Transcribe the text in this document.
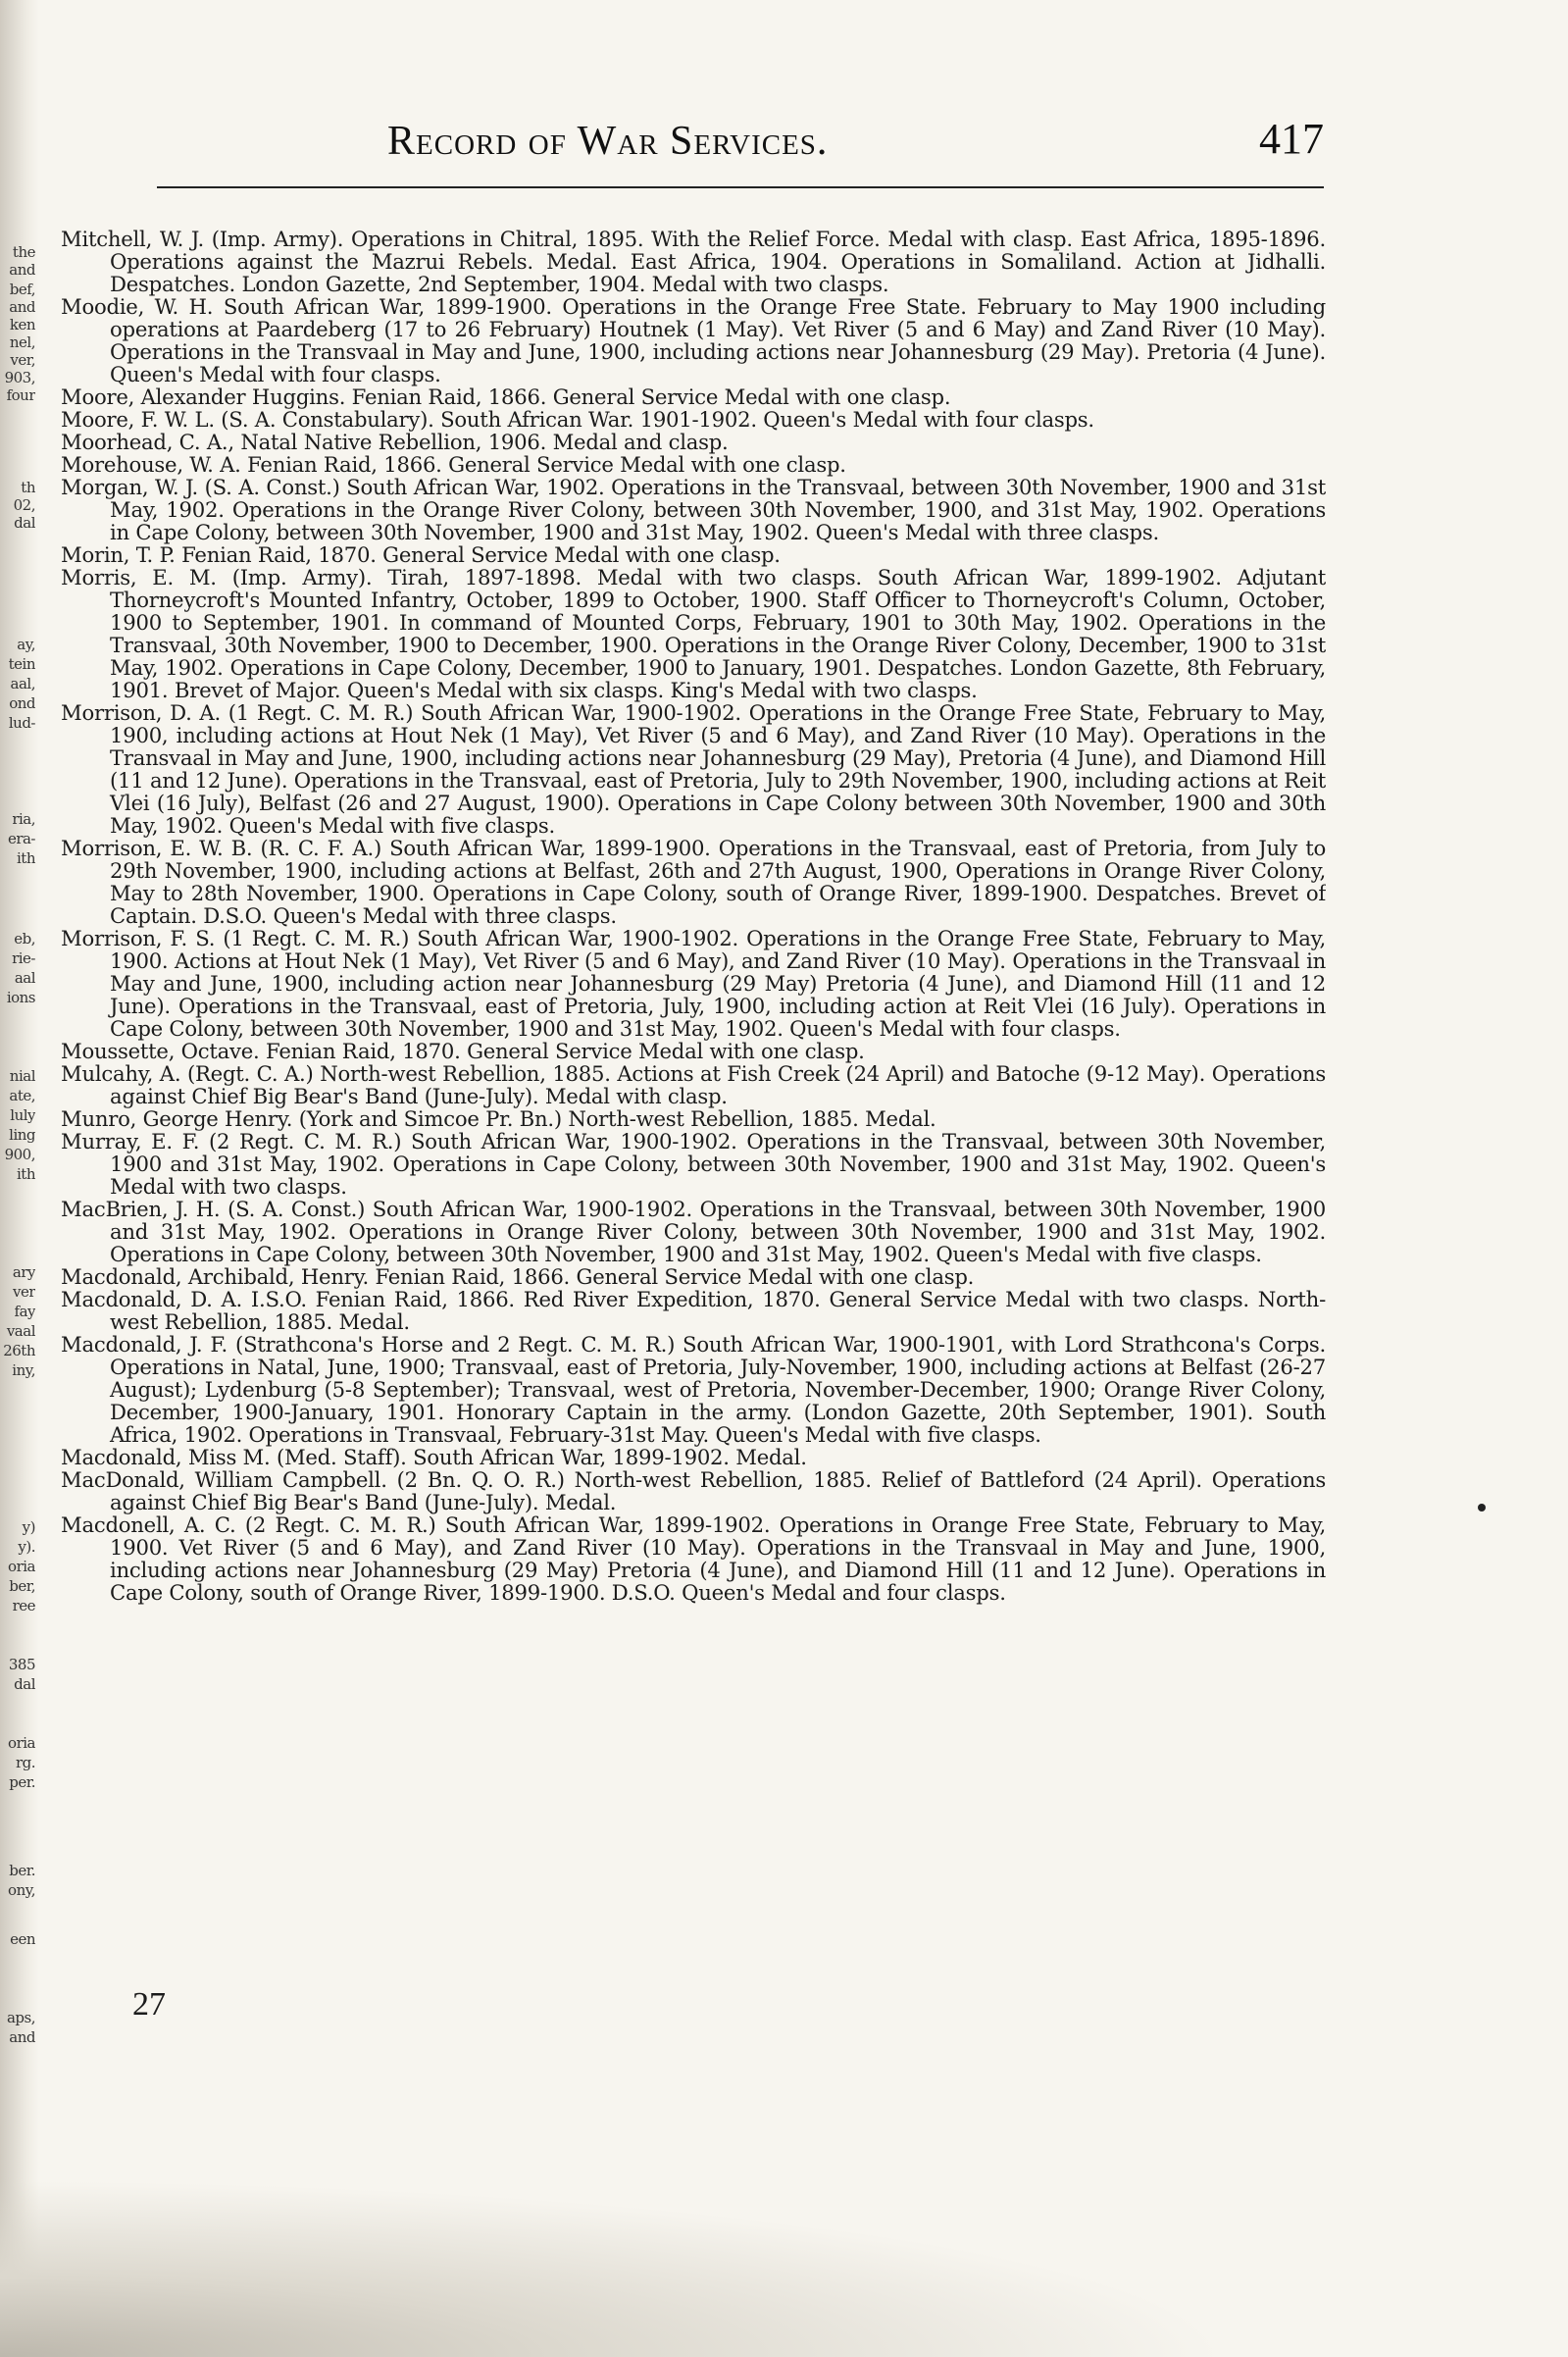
the
and
bef,
and
ken
nel,
ver,
903,
four
th
02,
dal
ay,
tein
aal,
ond
lud-
ria,
era-
ith
eb,
rie-
aal
ions
nial
ate,
luly
ling
900,
ith
ary
ver
fay
vaal
26th
iny,
y)
y).
oria
ber,
ree
385
dal
oria
rg.
per.
ber.
ony,
een
aps,
and
Record of War Services.	417

Mitchell, W. J. (Imp. Army). Operations in Chitral, 1895. With the Relief Force. Medal with clasp. East Africa, 1895-1896. Operations against the Mazrui Rebels. Medal. East Africa, 1904. Operations in Somaliland. Action at Jidhalli. Despatches. London Gazette, 2nd September, 1904. Medal with two clasps.

Moodie, W. H. South African War, 1899-1900. Operations in the Orange Free State. February to May 1900 including operations at Paardeberg (17 to 26 February) Houtnek (1 May). Vet River (5 and 6 May) and Zand River (10 May). Operations in the Transvaal in May and June, 1900, including actions near Johannesburg (29 May). Pretoria (4 June). Queen's Medal with four clasps.

Moore, Alexander Huggins. Fenian Raid, 1866. General Service Medal with one clasp.

Moore, F. W. L. (S. A. Constabulary). South African War. 1901-1902. Queen's Medal with four clasps.

Moorhead, C. A., Natal Native Rebellion, 1906. Medal and clasp.

Morehouse, W. A. Fenian Raid, 1866. General Service Medal with one clasp.

Morgan, W. J. (S. A. Const.) South African War, 1902. Operations in the Transvaal, between 30th November, 1900 and 31st May, 1902. Operations in the Orange River Colony, between 30th November, 1900, and 31st May, 1902. Operations in Cape Colony, between 30th November, 1900 and 31st May, 1902. Queen's Medal with three clasps.

Morin, T. P. Fenian Raid, 1870. General Service Medal with one clasp.

Morris, E. M. (Imp. Army). Tirah, 1897-1898. Medal with two clasps. South African War, 1899-1902. Adjutant Thorneycroft's Mounted Infantry, October, 1899 to October, 1900. Staff Officer to Thorneycroft's Column, October, 1900 to September, 1901. In command of Mounted Corps, February, 1901 to 30th May, 1902. Operations in the Transvaal, 30th November, 1900 to December, 1900. Operations in the Orange River Colony, December, 1900 to 31st May, 1902. Operations in Cape Colony, December, 1900 to January, 1901. Despatches. London Gazette, 8th February, 1901. Brevet of Major. Queen's Medal with six clasps. King's Medal with two clasps.

Morrison, D. A. (1 Regt. C. M. R.) South African War, 1900-1902. Operations in the Orange Free State, February to May, 1900, including actions at Hout Nek (1 May), Vet River (5 and 6 May), and Zand River (10 May). Operations in the Transvaal in May and June, 1900, including actions near Johannesburg (29 May), Pretoria (4 June), and Diamond Hill (11 and 12 June). Operations in the Transvaal, east of Pretoria, July to 29th November, 1900, including actions at Reit Vlei (16 July), Belfast (26 and 27 August, 1900). Operations in Cape Colony between 30th November, 1900 and 30th May, 1902. Queen's Medal with five clasps.

Morrison, E. W. B. (R. C. F. A.) South African War, 1899-1900. Operations in the Transvaal, east of Pretoria, from July to 29th November, 1900, including actions at Belfast, 26th and 27th August, 1900, Operations in Orange River Colony, May to 28th November, 1900. Operations in Cape Colony, south of Orange River, 1899-1900. Despatches. Brevet of Captain. D.S.O. Queen's Medal with three clasps.

Morrison, F. S. (1 Regt. C. M. R.) South African War, 1900-1902. Operations in the Orange Free State, February to May, 1900. Actions at Hout Nek (1 May), Vet River (5 and 6 May), and Zand River (10 May). Operations in the Transvaal in May and June, 1900, including action near Johannesburg (29 May) Pretoria (4 June), and Diamond Hill (11 and 12 June). Operations in the Transvaal, east of Pretoria, July, 1900, including action at Reit Vlei (16 July). Operations in Cape Colony, between 30th November, 1900 and 31st May, 1902. Queen's Medal with four clasps.

Moussette, Octave. Fenian Raid, 1870. General Service Medal with one clasp.

Mulcahy, A. (Regt. C. A.) North-west Rebellion, 1885. Actions at Fish Creek (24 April) and Batoche (9-12 May). Operations against Chief Big Bear's Band (June-July). Medal with clasp.

Munro, George Henry. (York and Simcoe Pr. Bn.) North-west Rebellion, 1885. Medal.

Murray, E. F. (2 Regt. C. M. R.) South African War, 1900-1902. Operations in the Transvaal, between 30th November, 1900 and 31st May, 1902. Operations in Cape Colony, between 30th November, 1900 and 31st May, 1902. Queen's Medal with two clasps.

MacBrien, J. H. (S. A. Const.) South African War, 1900-1902. Operations in the Transvaal, between 30th November, 1900 and 31st May, 1902. Operations in Orange River Colony, between 30th November, 1900 and 31st May, 1902. Operations in Cape Colony, between 30th November, 1900 and 31st May, 1902. Queen's Medal with five clasps.

Macdonald, Archibald, Henry. Fenian Raid, 1866. General Service Medal with one clasp.

Macdonald, D. A. I.S.O. Fenian Raid, 1866. Red River Expedition, 1870. General Service Medal with two clasps. North-west Rebellion, 1885. Medal.

Macdonald, J. F. (Strathcona's Horse and 2 Regt. C. M. R.) South African War, 1900-1901, with Lord Strathcona's Corps. Operations in Natal, June, 1900; Transvaal, east of Pretoria, July-November, 1900, including actions at Belfast (26-27 August); Lydenburg (5-8 September); Transvaal, west of Pretoria, November-December, 1900; Orange River Colony, December, 1900-January, 1901. Honorary Captain in the army. (London Gazette, 20th September, 1901). South Africa, 1902. Operations in Transvaal, February-31st May. Queen's Medal with five clasps.

Macdonald, Miss M. (Med. Staff). South African War, 1899-1902. Medal.

MacDonald, William Campbell. (2 Bn. Q. O. R.) North-west Rebellion, 1885. Relief of Battleford (24 April). Operations against Chief Big Bear's Band (June-July). Medal.

Macdonell, A. C. (2 Regt. C. M. R.) South African War, 1899-1902. Operations in Orange Free State, February to May, 1900. Vet River (5 and 6 May), and Zand River (10 May). Operations in the Transvaal in May and June, 1900, including actions near Johannesburg (29 May) Pretoria (4 June), and Diamond Hill (11 and 12 June). Operations in Cape Colony, south of Orange River, 1899-1900. D.S.O. Queen's Medal and four clasps.

27
